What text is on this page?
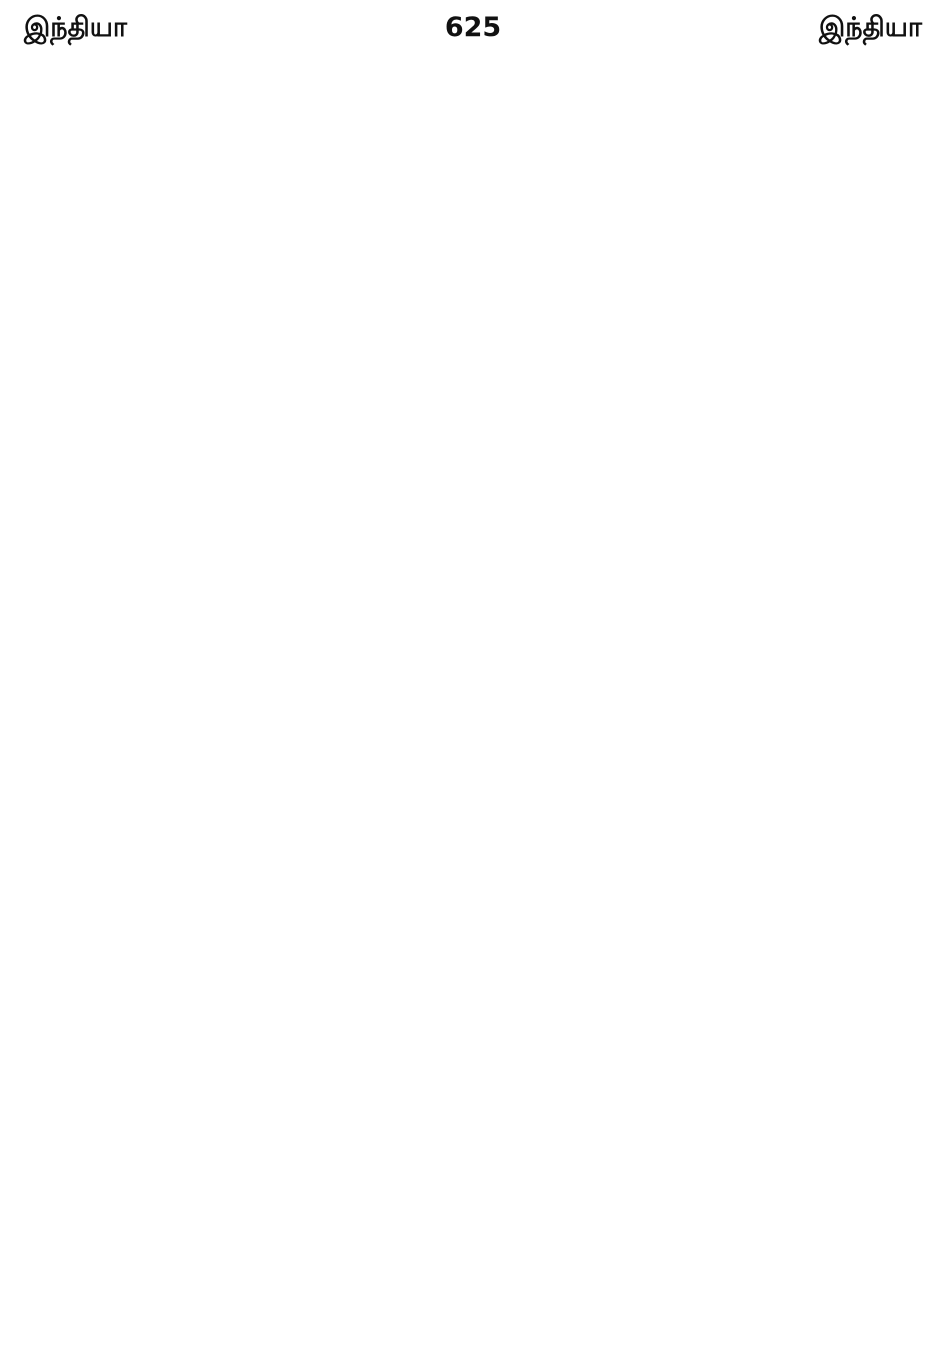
இந்தியா	625	இந்தியா
